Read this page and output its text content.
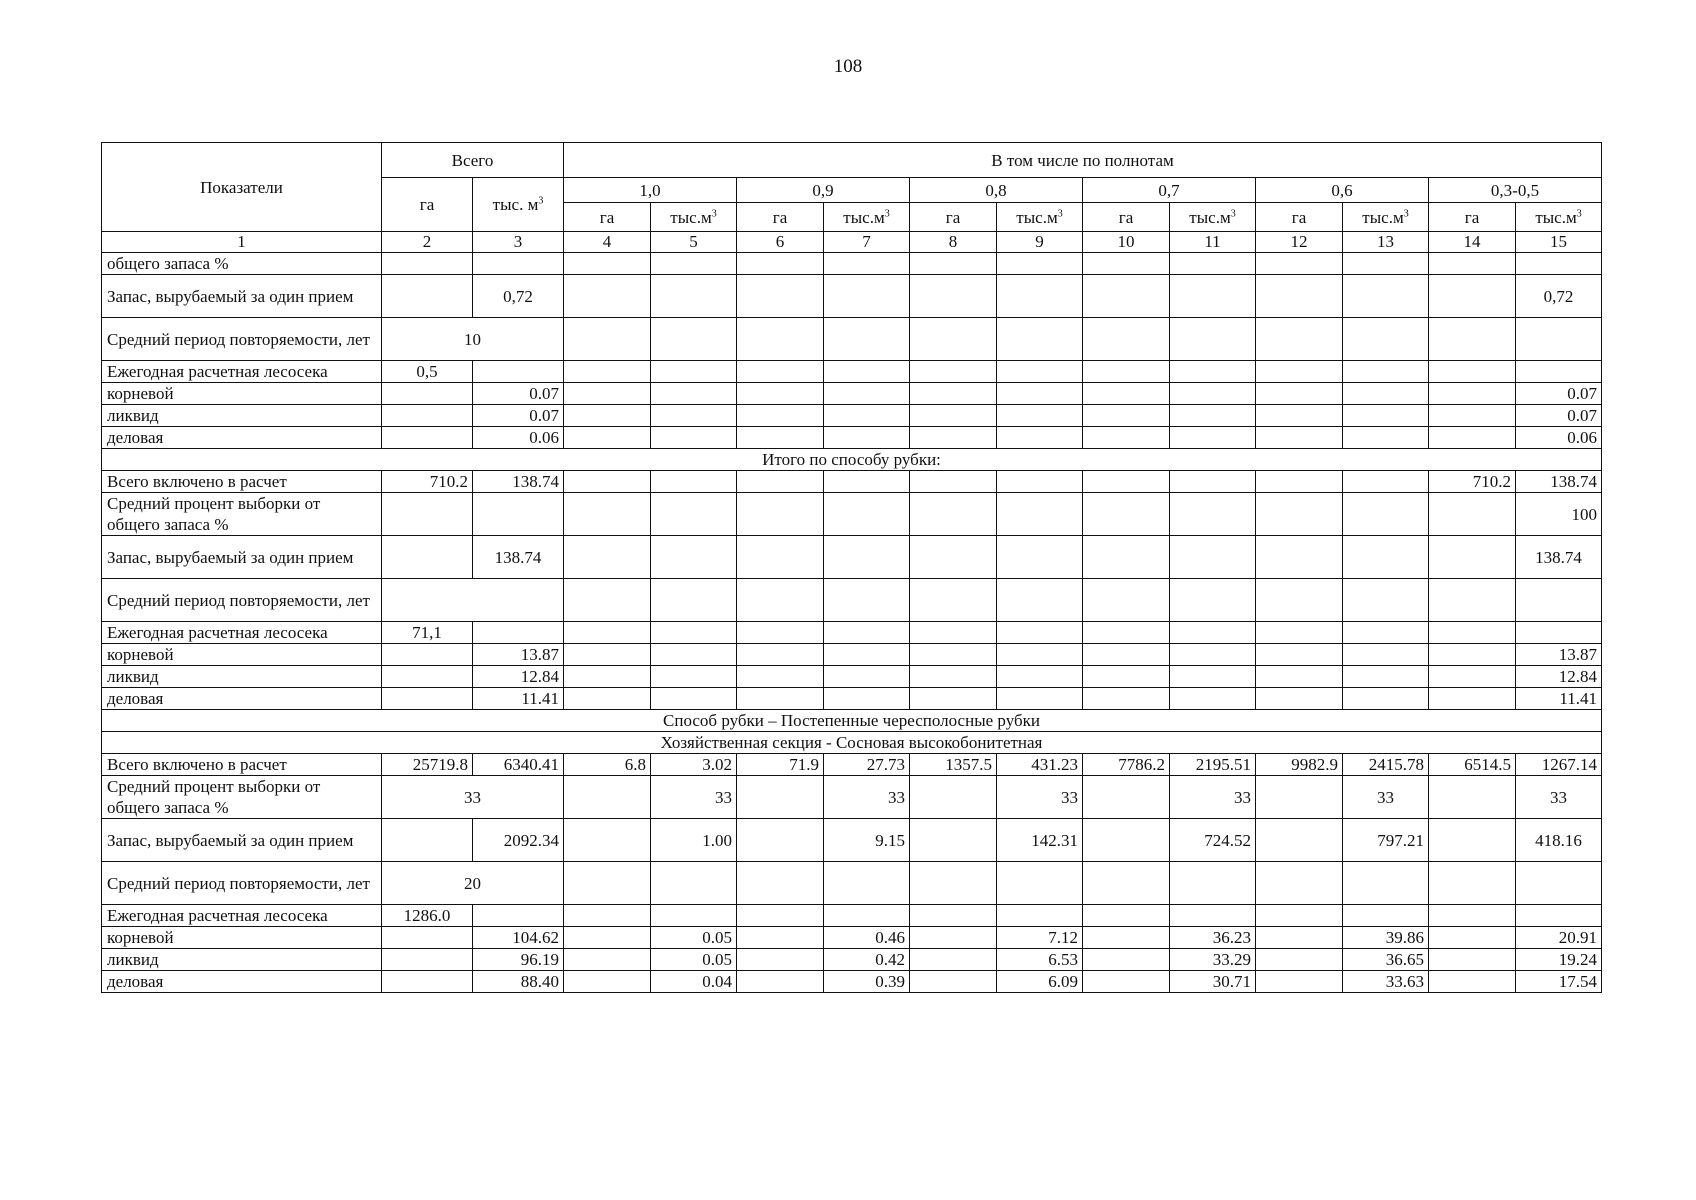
108
Показатели	Всего		В том числе по полнотам											
	га	тыс. $м^3$	1,0		0,9		0,8		0,7		0,6		0,3-0,5	
			га	$тыс.м^3$	га	$тыс.м^3$	га	$тыс.м^3$	га	$тыс.м^3$	га	$тыс.м^3$	га	$тыс.м^3$
1	2	3	4	5	6	7	8	9	10	11	12	13	14	15
общего запаса %														
Запас, вырубаемый за один прием		0,72												0,72
Средний период повторяемости, лет	10													
Ежегодная расчетная лесосека	0,5													
корневой		0.07												0.07
ликвид		0.07												0.07
деловая		0.06												0.06
Итого по способу рубки:														
Всего включено в расчет	710.2	138.74											710.2	138.74
Средний процент выборки от общего запаса %														100
Запас, вырубаемый за один прием		138.74												138.74
Средний период повторяемости, лет														
Ежегодная расчетная лесосека	71,1													
корневой		13.87												13.87
ликвид		12.84												12.84
деловая		11.41												11.41
Способ рубки – Постепенные чересполосные рубки														
Хозяйственная секция - Сосновая высокобонитетная														
Всего включено в расчет	25719.8	6340.41	6.8	3.02	71.9	27.73	1357.5	431.23	7786.2	2195.51	9982.9	2415.78	6514.5	1267.14
Средний процент выборки от общего запаса %	33			33		33		33		33		33		33
Запас, вырубаемый за один прием		2092.34		1.00		9.15		142.31		724.52		797.21		418.16
Средний период повторяемости, лет	20													
Ежегодная расчетная лесосека	1286.0													
корневой		104.62		0.05		0.46		7.12		36.23		39.86		20.91
ликвид		96.19		0.05		0.42		6.53		33.29		36.65		19.24
деловая		88.40		0.04		0.39		6.09		30.71		33.63		17.54
